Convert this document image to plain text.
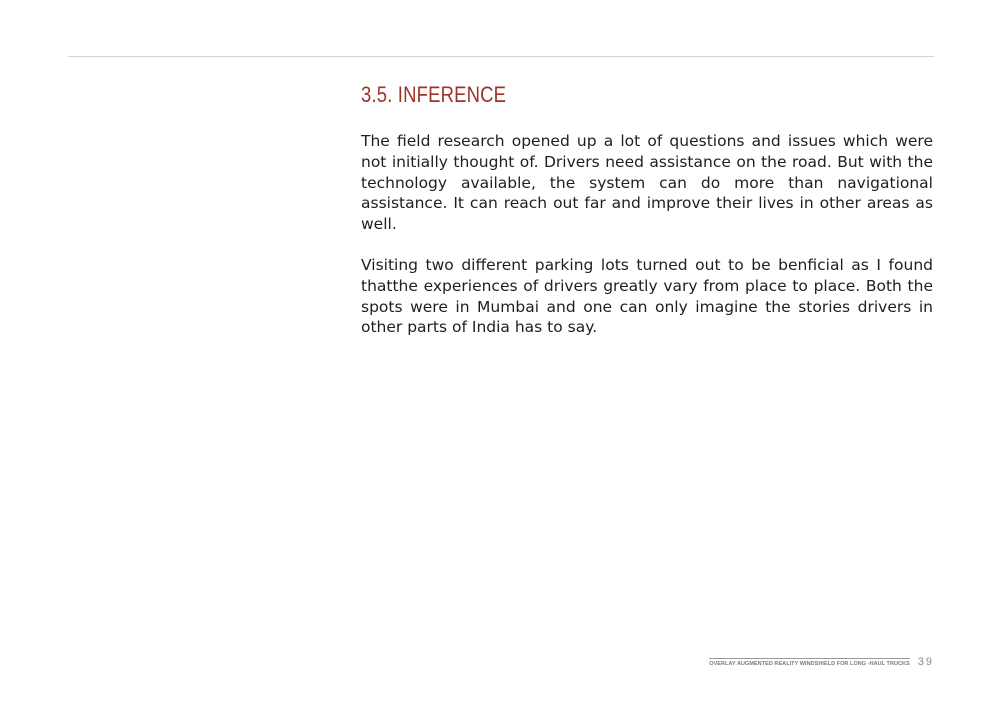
3.5. INFERENCE

The field research opened up a lot of questions and issues which were not initially thought of. Drivers need assistance on the road. But with the technology available, the system can do more than navigational assistance. It can reach out far and improve their lives in other areas as well.

Visiting two different parking lots turned out to be benficial as I found thatthe experiences of drivers greatly vary from place to place. Both the spots were in Mumbai and one can only imagine the stories drivers in other parts of India has to say.

OVERLAY AUGMENTED REALITY WINDSHIELD FOR LONG -HAUL TRUCKS 39
